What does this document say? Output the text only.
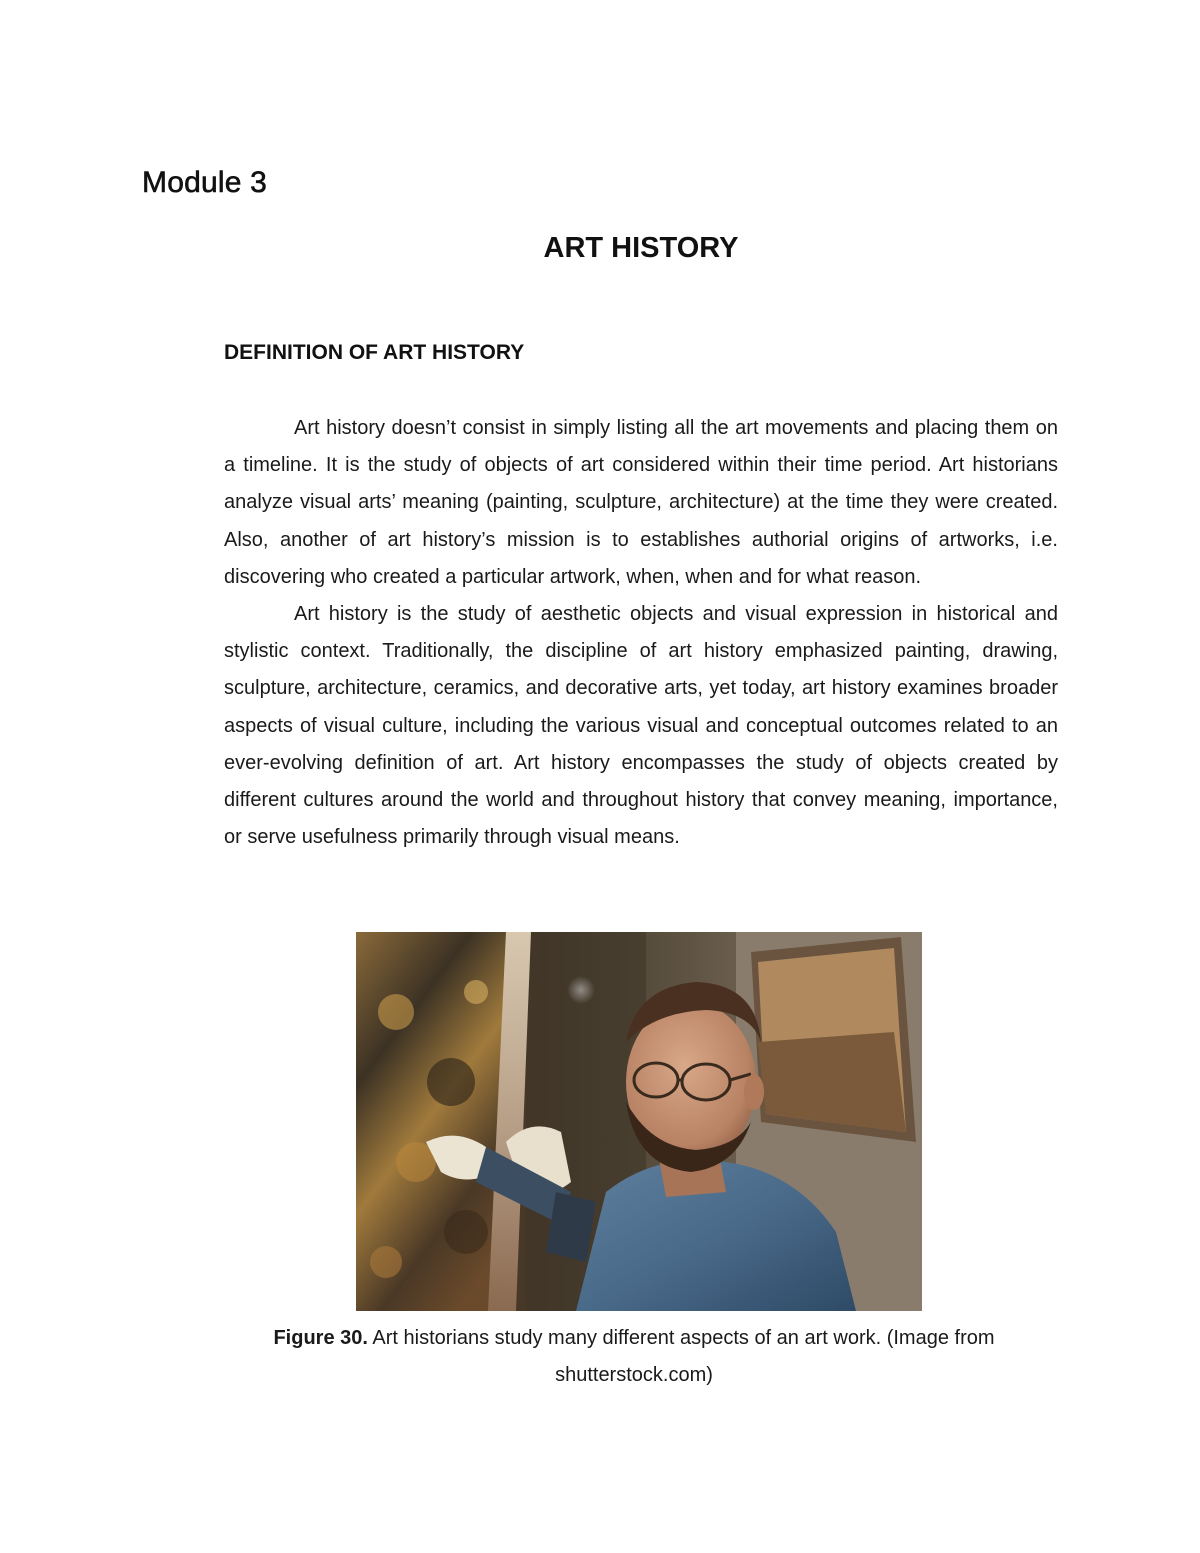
Module 3
ART HISTORY
DEFINITION OF ART HISTORY

Art history doesn’t consist in simply listing all the art movements and placing them on a timeline. It is the study of objects of art considered within their time period. Art historians analyze visual arts’ meaning (painting, sculpture, architecture) at the time they were created. Also, another of art history’s mission is to establishes authorial origins of artworks, i.e. discovering who created a particular artwork, when, when and for what reason.

Art history is the study of aesthetic objects and visual expression in historical and stylistic context. Traditionally, the discipline of art history emphasized painting, drawing, sculpture, architecture, ceramics, and decorative arts, yet today, art history examines broader aspects of visual culture, including the various visual and conceptual outcomes related to an ever-evolving definition of art. Art history encompasses the study of objects created by different cultures around the world and throughout history that convey meaning, importance, or serve usefulness primarily through visual means.

Figure 30. Art historians study many different aspects of an art work. (Image from shutterstock.com)
